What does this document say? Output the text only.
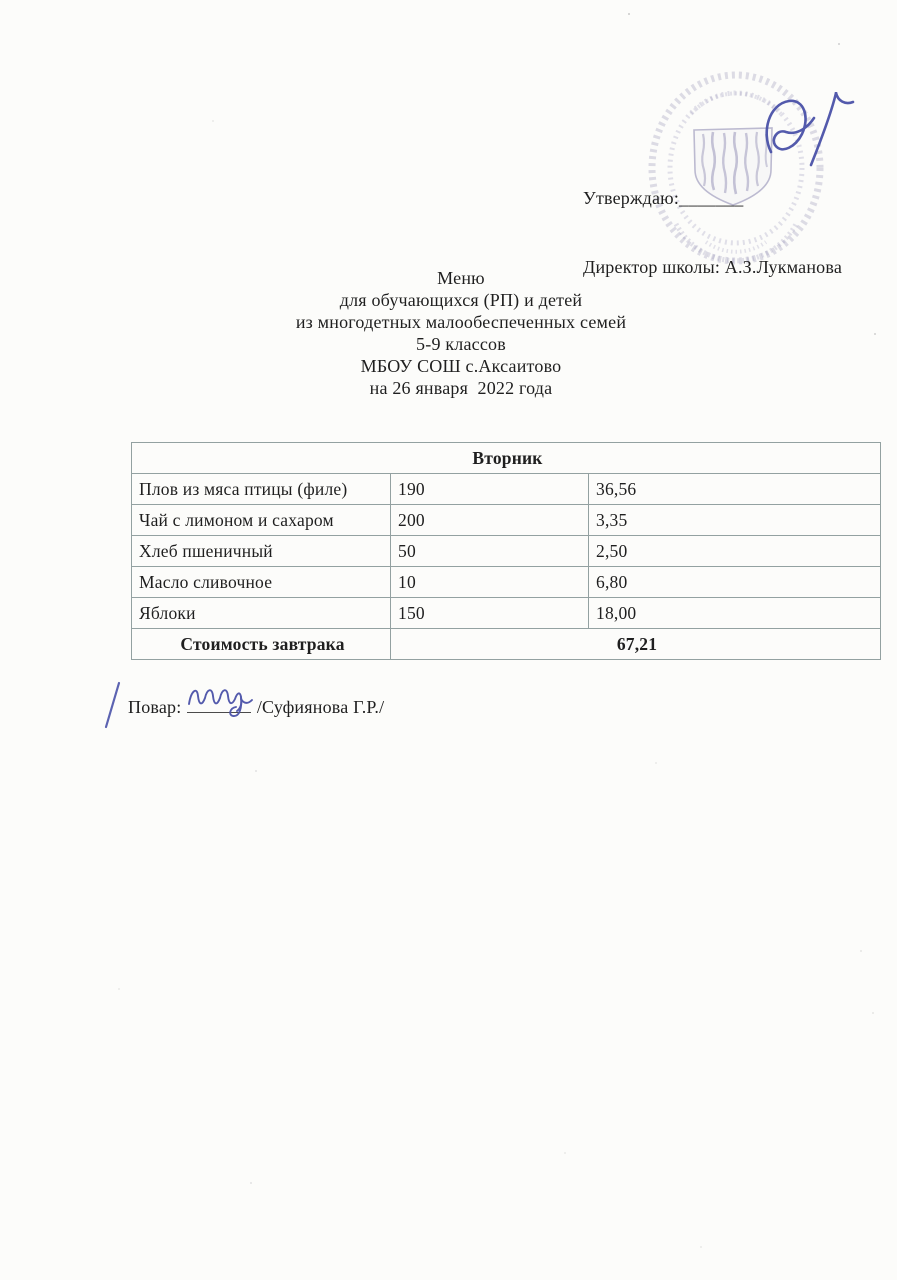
Утверждаю:_______

Директор школы: А.З.Лукманова

Меню
для обучающихся (РП) и детей
из многодетных малообеспеченных семей
5-9 классов
МБОУ СОШ с.Аксаитово
на 26 января  2022 года
Вторник		
Плов из мяса птицы (филе)	190	36,56
Чай с лимоном и сахаром	200	3,35
Хлеб пшеничный	50	2,50
Масло сливочное	10	6,80
Яблоки	150	18,00
Стоимость завтрака	67,21	
Повар:	/Суфиянова Г.Р./
